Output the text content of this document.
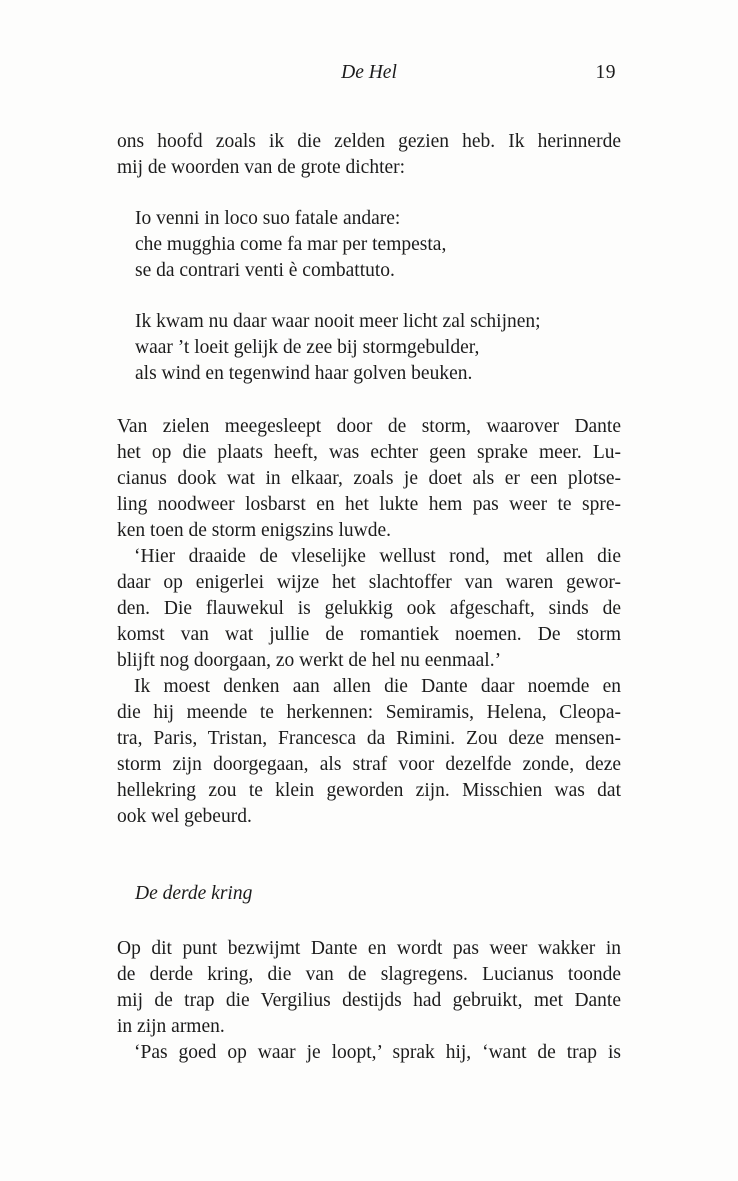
De Hel	19
ons hoofd zoals ik die zelden gezien heb. Ik herinnerde
mij de woorden van de grote dichter:
Io venni in loco suo fatale andare:
che mugghia come fa mar per tempesta,
se da contrari venti è combattuto.
Ik kwam nu daar waar nooit meer licht zal schijnen;
waar ’t loeit gelijk de zee bij stormgebulder,
als wind en tegenwind haar golven beuken.
Van zielen meegesleept door de storm, waarover Dante
het op die plaats heeft, was echter geen sprake meer. Lu-
cianus dook wat in elkaar, zoals je doet als er een plotse-
ling noodweer losbarst en het lukte hem pas weer te spre-
ken toen de storm enigszins luwde.
‘Hier draaide de vleselijke wellust rond, met allen die
daar op enigerlei wijze het slachtoffer van waren gewor-
den. Die flauwekul is gelukkig ook afgeschaft, sinds de
komst van wat jullie de romantiek noemen. De storm
blijft nog doorgaan, zo werkt de hel nu eenmaal.’
Ik moest denken aan allen die Dante daar noemde en
die hij meende te herkennen: Semiramis, Helena, Cleopa-
tra, Paris, Tristan, Francesca da Rimini. Zou deze mensen-
storm zijn doorgegaan, als straf voor dezelfde zonde, deze
hellekring zou te klein geworden zijn. Misschien was dat
ook wel gebeurd.
De derde kring
Op dit punt bezwijmt Dante en wordt pas weer wakker in
de derde kring, die van de slagregens. Lucianus toonde
mij de trap die Vergilius destijds had gebruikt, met Dante
in zijn armen.
‘Pas goed op waar je loopt,’ sprak hij, ‘want de trap is
